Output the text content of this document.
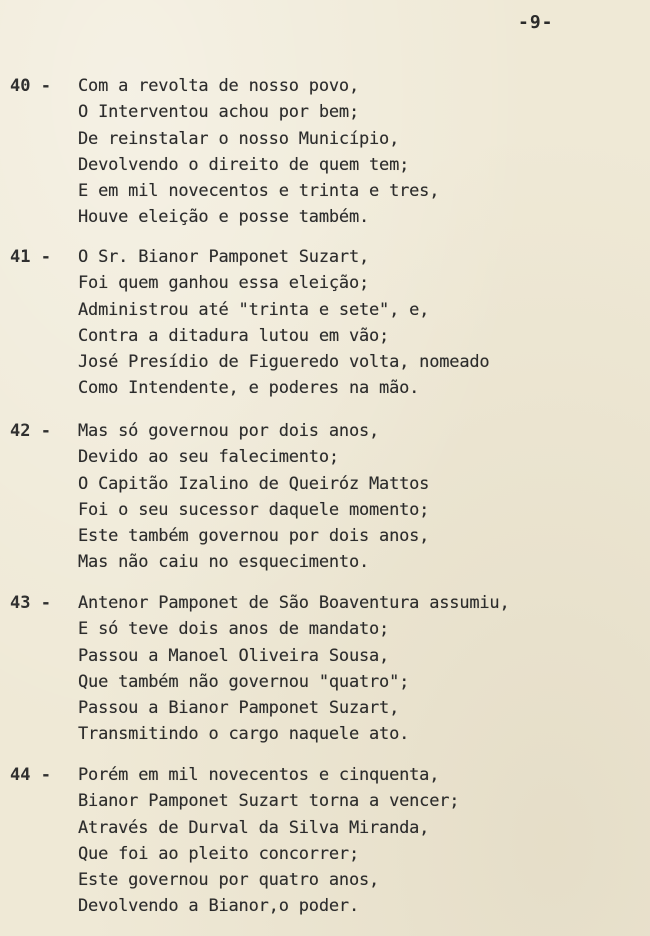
-9-
40 - Com a revolta de nosso povo,
O Interventou achou por bem;
De reinstalar o nosso Município,
Devolvendo o direito de quem tem;
E em mil novecentos e trinta e tres,
Houve eleição e posse também.
41 - O Sr. Bianor Pamponet Suzart,
Foi quem ganhou essa eleição;
Administrou até "trinta e sete", e,
Contra a ditadura lutou em vão;
José Presídio de Figueredo volta, nomeado
Como Intendente, e poderes na mão.
42 - Mas só governou por dois anos,
Devido ao seu falecimento;
O Capitão Izalino de Queiróz Mattos
Foi o seu sucessor daquele momento;
Este também governou por dois anos,
Mas não caiu no esquecimento.
43 - Antenor Pamponet de São Boaventura assumiu,
E só teve dois anos de mandato;
Passou a Manoel Oliveira Sousa,
Que também não governou "quatro";
Passou a Bianor Pamponet Suzart,
Transmitindo o cargo naquele ato.
44 - Porém em mil novecentos e cinquenta,
Bianor Pamponet Suzart torna a vencer;
Através de Durval da Silva Miranda,
Que foi ao pleito concorrer;
Este governou por quatro anos,
Devolvendo a Bianor,o poder.
